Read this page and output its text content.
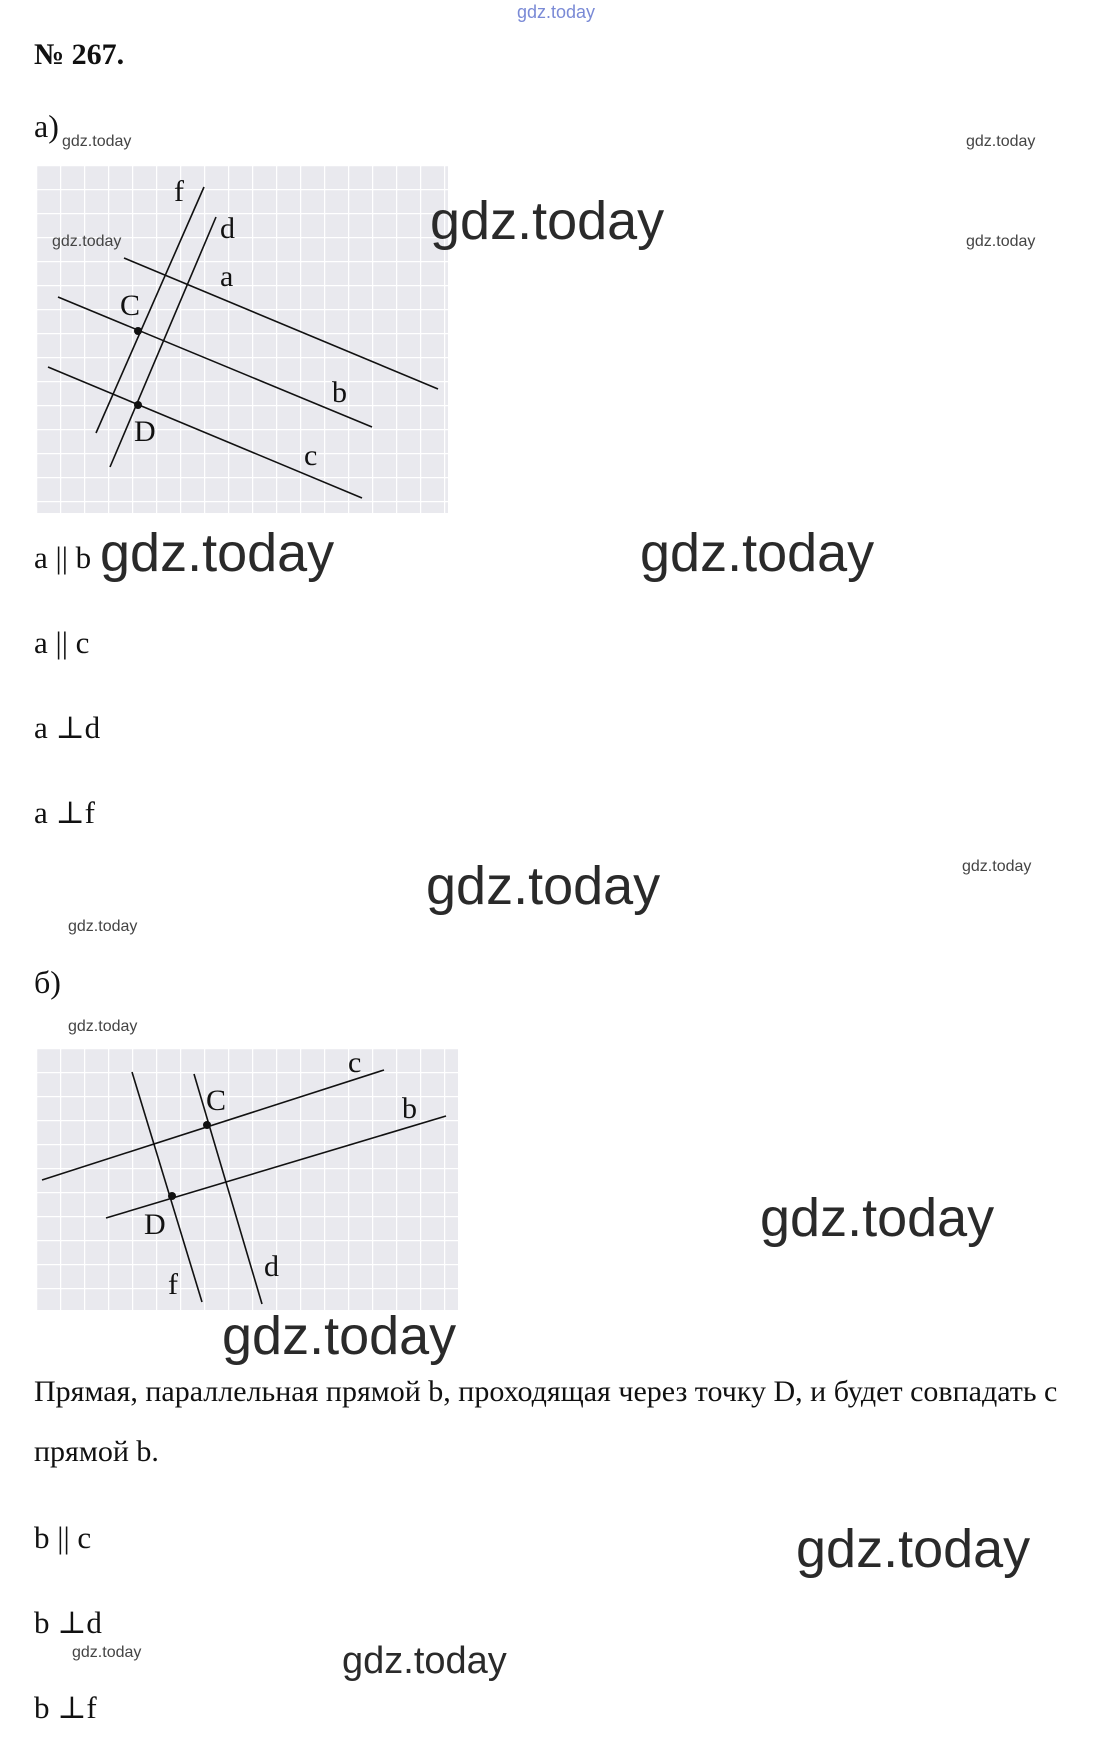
gdz.today
№ 267.
а) gdz.today	gdz.today
gdz.today
f
d
a
C
b
D
c
gdz.today	gdz.today
a || b gdz.today	gdz.today
a || c
a ⊥d
a ⊥f
gdz.today	gdz.today
gdz.today
б)
gdz.today
c
C	b
D
d
f
gdz.today
gdz.today
Прямая, параллельная прямой b, проходящая через точку D, и будет совпадать с прямой b.
b || c	gdz.today
b ⊥d
gdz.today	gdz.today
b ⊥f
